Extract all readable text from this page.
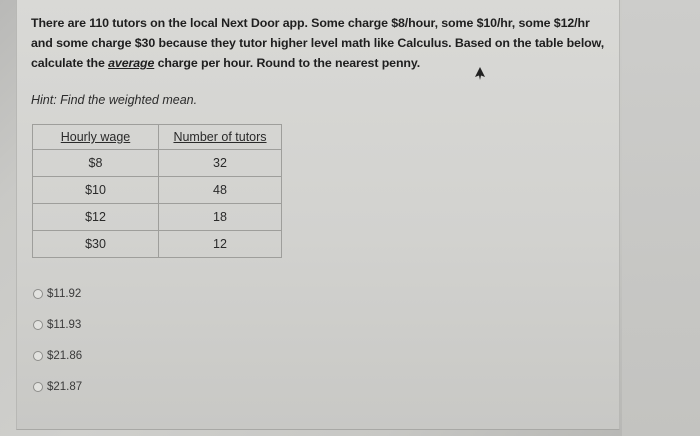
There are 110 tutors on the local Next Door app. Some charge $8/hour, some $10/hr, some $12/hr
and some charge $30 because they tutor higher level math like Calculus. Based on the table below,
calculate the average charge per hour. Round to the nearest penny.
Hint: Find the weighted mean.
Hourly wage	Number of tutors
$8	32
$10	48
$12	18
$30	12
$11.92
$11.93
$21.86
$21.87
